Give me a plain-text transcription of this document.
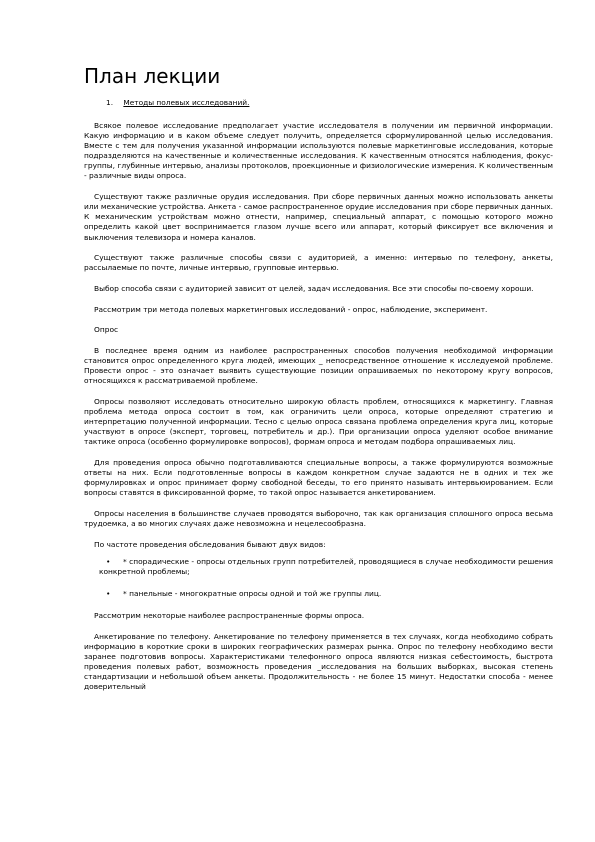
План лекции
1. Методы полевых исследований.

Всякое полевое исследование предполагает участие исследователя в получении им первичной информации. Какую информацию и в каком объеме следует получить, определяется сформулированной целью исследования. Вместе с тем для получения указанной информации используются полевые маркетинговые исследования, которые подразделяются на качественные и количественные исследования. К качественным относятся наблюдения, фокус-группы, глубинные интервью, анализы протоколов, проекционные и физиологические измерения. К количественным - различные виды опроса.

Существуют также различные орудия исследования. При сборе первичных данных можно использовать анкеты или механические устройства. Анкета - самое распространенное орудие исследования при сборе первичных данных. К механическим устройствам можно отнести, например, специальный аппарат, с помощью которого можно определить какой цвет воспринимается глазом лучше всего или аппарат, который фиксирует все включения и выключения телевизора и номера каналов.

Существуют также различные способы связи с аудиторией, а именно: интервью по телефону, анкеты, рассылаемые по почте, личные интервью, групповые интервью.

Выбор способа связи с аудиторией зависит от целей, задач исследования. Все эти способы по-своему хороши.

Рассмотрим три метода полевых маркетинговых исследований - опрос, наблюдение, эксперимент.

Опрос

В последнее время одним из наиболее распространенных способов получения необходимой информации становится опрос определенного круга людей, имеющих _ непосредственное отношение к исследуемой проблеме. Провести опрос - это означает выявить существующие позиции опрашиваемых по некоторому кругу вопросов, относящихся к рассматриваемой проблеме.

Опросы позволяют исследовать относительно широкую область проблем, относящихся к маркетингу. Главная проблема метода опроса состоит в том, как ограничить цели опроса, которые определяют стратегию и интерпретацию полученной информации. Тесно с целью опроса связана проблема определения круга лиц, которые участвуют в опросе (эксперт, торговец, потребитель и др.). При организации опроса уделяют особое внимание тактике опроса (особенно формулировке вопросов), формам опроса и методам подбора опрашиваемых лиц.

Для проведения опроса обычно подготавливаются специальные вопросы, а также формулируются возможные ответы на них. Если подготовленные вопросы в каждом конкретном случае задаются не в одних и тех же формулировках и опрос принимает форму свободной беседы, то его принято называть интервьюированием. Если вопросы ставятся в фиксированной форме, то такой опрос называется анкетированием.

Опросы населения в большинстве случаев проводятся выборочно, так как организация сплошного опроса весьма трудоемка, а во многих случаях даже невозможна и нецелесообразна.

По частоте проведения обследования бывают двух видов:

•	* спорадические - опросы отдельных групп потребителей, проводящиеся в случае необходимости решения конкретной проблемы;
•	* панельные - многократные опросы одной и той же группы лиц.

Рассмотрим некоторые наиболее распространенные формы опроса.

Анкетирование по телефону. Анкетирование по телефону применяется в тех случаях, когда необходимо собрать информацию в короткие сроки в широких географических размерах рынка. Опрос по телефону необходимо вести заранее подготовив вопросы. Характеристиками телефонного опроса являются низкая себестоимость, быстрота проведения полевых работ, возможность проведения _исследования на больших выборках, высокая степень стандартизации и небольшой объем анкеты. Продолжительность - не более 15 минут. Недостатки способа - менее доверительный
